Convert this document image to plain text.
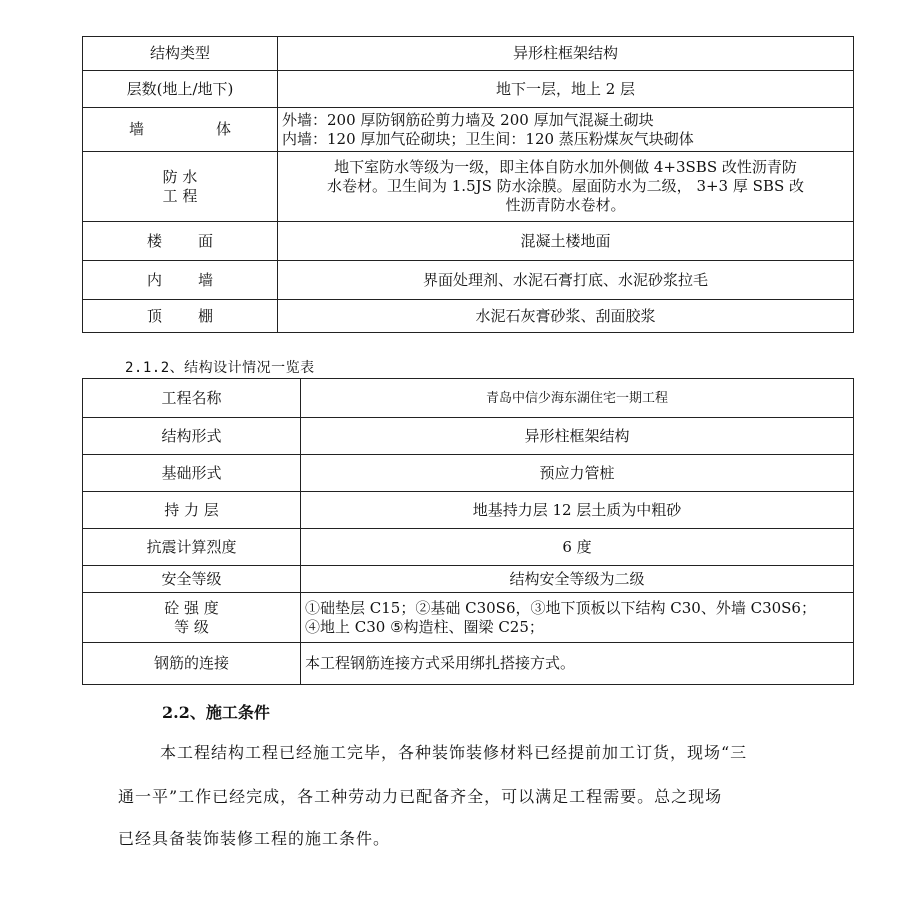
结构类型	异形柱框架结构
层数(地上/地下)	地下一层，地上 2 层

墙 体	外墙：200 厚防钢筋砼剪力墙及 200 厚加气混凝土砌块
内墙：120 厚加气砼砌块；卫生间：120 蒸压粉煤灰气块砌体

防 水
工 程	地下室防水等级为一级，即主体自防水加外侧做 4+3SBS 改性沥青防
水卷材。卫生间为 1.5JS 防水涂膜。屋面防水为二级， 3+3 厚 SBS 改
性沥青防水卷材。

楼 面	混凝土楼地面

内 墙	界面处理剂、水泥石膏打底、水泥砂浆拉毛

顶 棚	水泥石灰膏砂浆、刮面胶浆
2.1.2、结构设计情况一览表
工程名称	青岛中信少海东湖住宅一期工程
结构形式	异形柱框架结构
基础形式	预应力管桩
持 力 层	地基持力层 12 层土质为中粗砂
抗震计算烈度	6 度
安全等级	结构安全等级为二级

砼 强 度
等 级	①础垫层 C15；②基础 C30S6，③地下顶板以下结构 C30、外墙 C30S6；
④地上 C30 ⑤构造柱、圈梁 C25；

钢筋的连接	本工程钢筋连接方式采用绑扎搭接方式。
2.2、施工条件
本工程结构工程已经施工完毕，各种装饰装修材料已经提前加工订货，现场“三
通一平”工作已经完成，各工种劳动力已配备齐全，可以满足工程需要。总之现场
已经具备装饰装修工程的施工条件。
